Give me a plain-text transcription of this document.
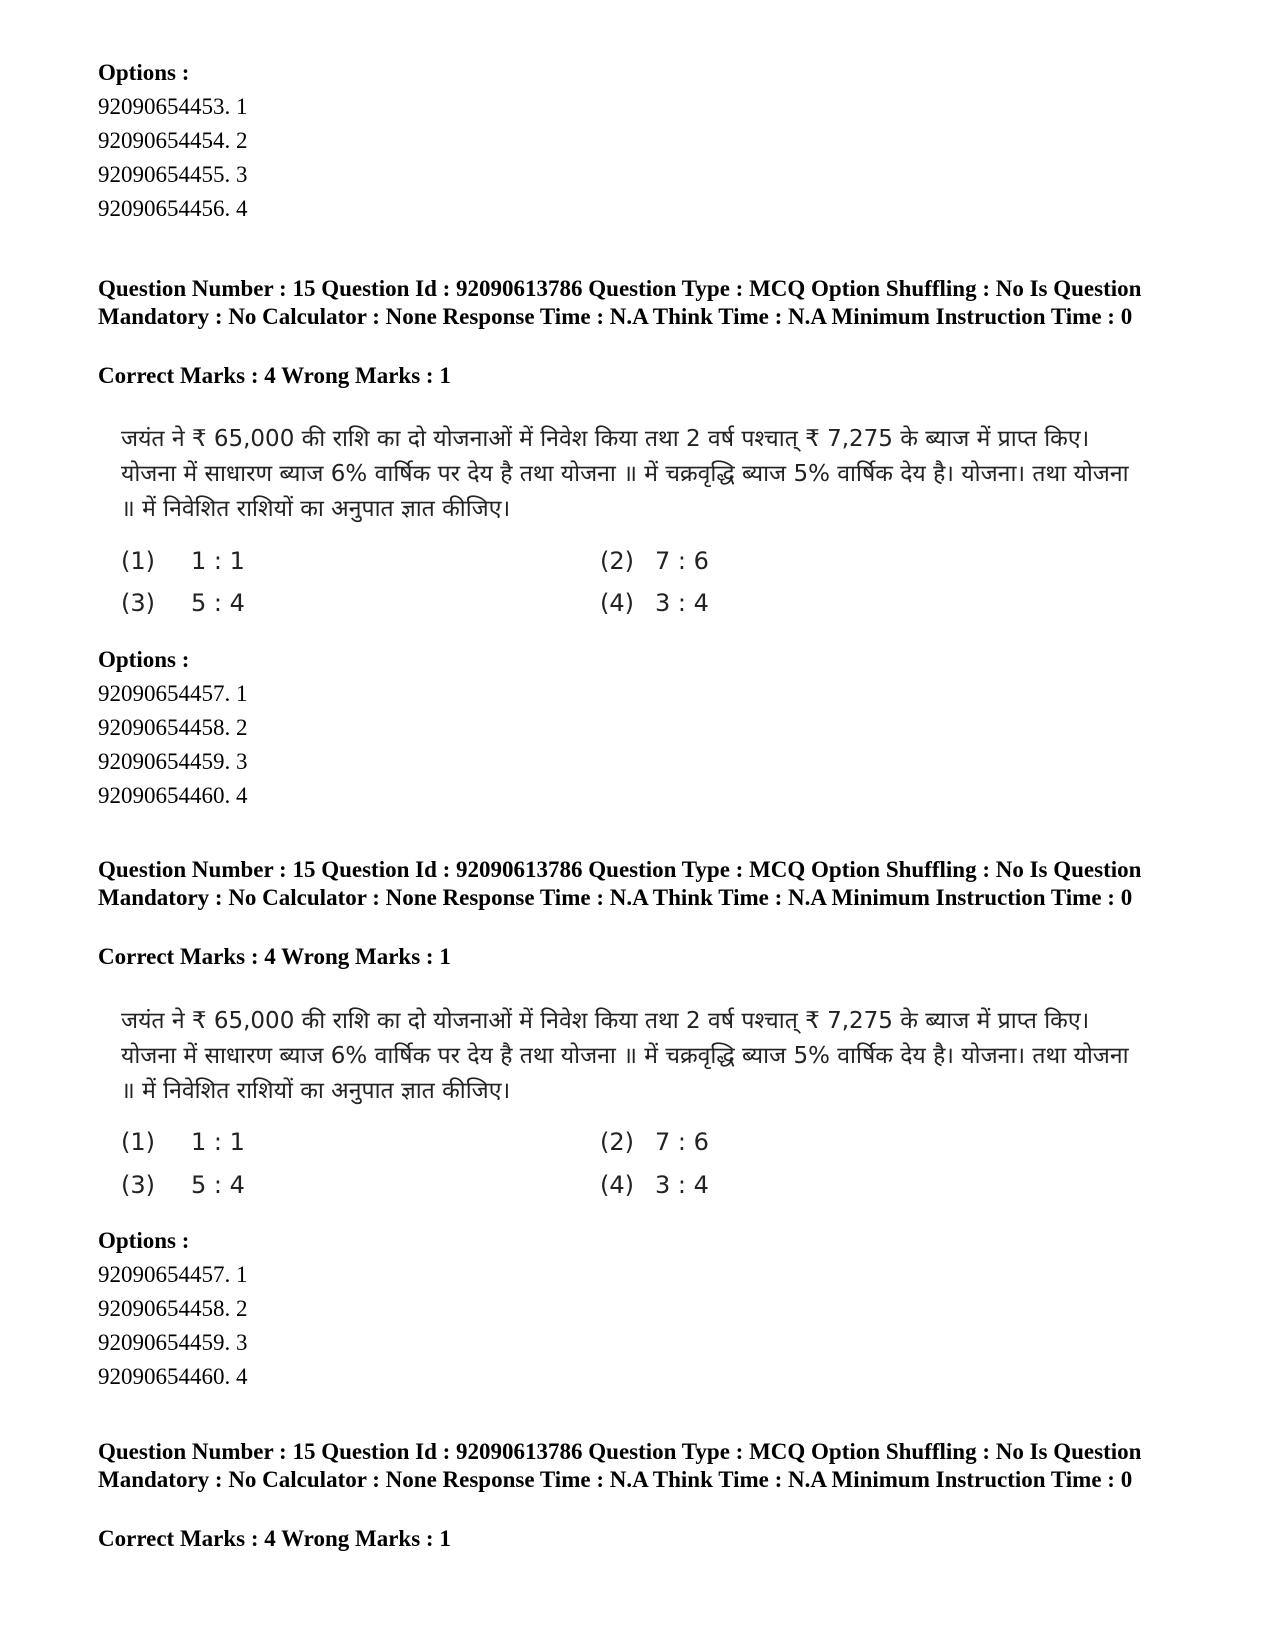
Options :
92090654453. 1
92090654454. 2
92090654455. 3
92090654456. 4
Question Number : 15 Question Id : 92090613786 Question Type : MCQ Option Shuffling : No Is Question Mandatory : No Calculator : None Response Time : N.A Think Time : N.A Minimum Instruction Time : 0
Correct Marks : 4 Wrong Marks : 1
जयंत ने ₹ 65,000 की राशि का दो योजनाओं में निवेश किया तथा 2 वर्ष पश्चात् ₹ 7,275 के ब्याज में प्राप्त किए। योजना में साधारण ब्याज 6% वार्षिक पर देय है तथा योजना ॥ में चक्रवृद्धि ब्याज 5% वार्षिक देय है। योजना। तथा योजना ॥ में निवेशित राशियों का अनुपात ज्ञात कीजिए।
(1) 1 : 1	(2) 7 : 6
(3) 5 : 4	(4) 3 : 4
Options :
92090654457. 1
92090654458. 2
92090654459. 3
92090654460. 4
Question Number : 15 Question Id : 92090613786 Question Type : MCQ Option Shuffling : No Is Question Mandatory : No Calculator : None Response Time : N.A Think Time : N.A Minimum Instruction Time : 0
Correct Marks : 4 Wrong Marks : 1
जयंत ने ₹ 65,000 की राशि का दो योजनाओं में निवेश किया तथा 2 वर्ष पश्चात् ₹ 7,275 के ब्याज में प्राप्त किए। योजना में साधारण ब्याज 6% वार्षिक पर देय है तथा योजना ॥ में चक्रवृद्धि ब्याज 5% वार्षिक देय है। योजना। तथा योजना ॥ में निवेशित राशियों का अनुपात ज्ञात कीजिए।
(1) 1 : 1	(2) 7 : 6
(3) 5 : 4	(4) 3 : 4
Options :
92090654457. 1
92090654458. 2
92090654459. 3
92090654460. 4
Question Number : 15 Question Id : 92090613786 Question Type : MCQ Option Shuffling : No Is Question Mandatory : No Calculator : None Response Time : N.A Think Time : N.A Minimum Instruction Time : 0
Correct Marks : 4 Wrong Marks : 1
